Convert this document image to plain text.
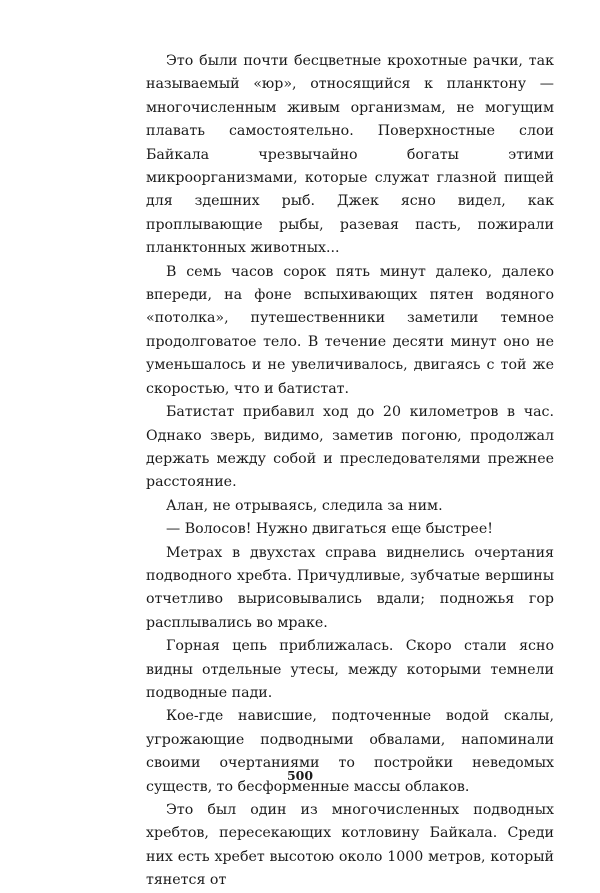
Это были почти бесцветные крохотные рачки, так называемый «юр», относящийся к планктону — многочисленным живым организмам, не могущим плавать самостоятельно. Поверхностные слои Байкала чрезвычайно богаты этими микроорганизмами, которые служат глазной пищей для здешних рыб. Джек ясно видел, как проплывающие рыбы, разевая пасть, пожирали планктонных животных...

В семь часов сорок пять минут далеко, далеко впереди, на фоне вспыхивающих пятен водяного «потолка», путешественники заметили темное продолговатое тело. В течение десяти минут оно не уменьшалось и не увеличивалось, двигаясь с той же скоростью, что и батистат.

Батистат прибавил ход до 20 километров в час. Однако зверь, видимо, заметив погоню, продолжал держать между собой и преследователями прежнее расстояние.

Алан, не отрываясь, следила за ним.

— Волосов! Нужно двигаться еще быстрее!

Метрах в двухстах справа виднелись очертания подводного хребта. Причудливые, зубчатые вершины отчетливо вырисовывались вдали; подножья гор расплывались во мраке.

Горная цепь приближалась. Скоро стали ясно видны отдельные утесы, между которыми темнели подводные пади.

Кое-где нависшие, подточенные водой скалы, угрожающие подводными обвалами, напоминали своими очертаниями то постройки неведомых существ, то бесформенные массы облаков.

Это был один из многочисленных подводных хребтов, пересекающих котловину Байкала. Среди них есть хребет высотою около 1000 метров, который тянется от

500
